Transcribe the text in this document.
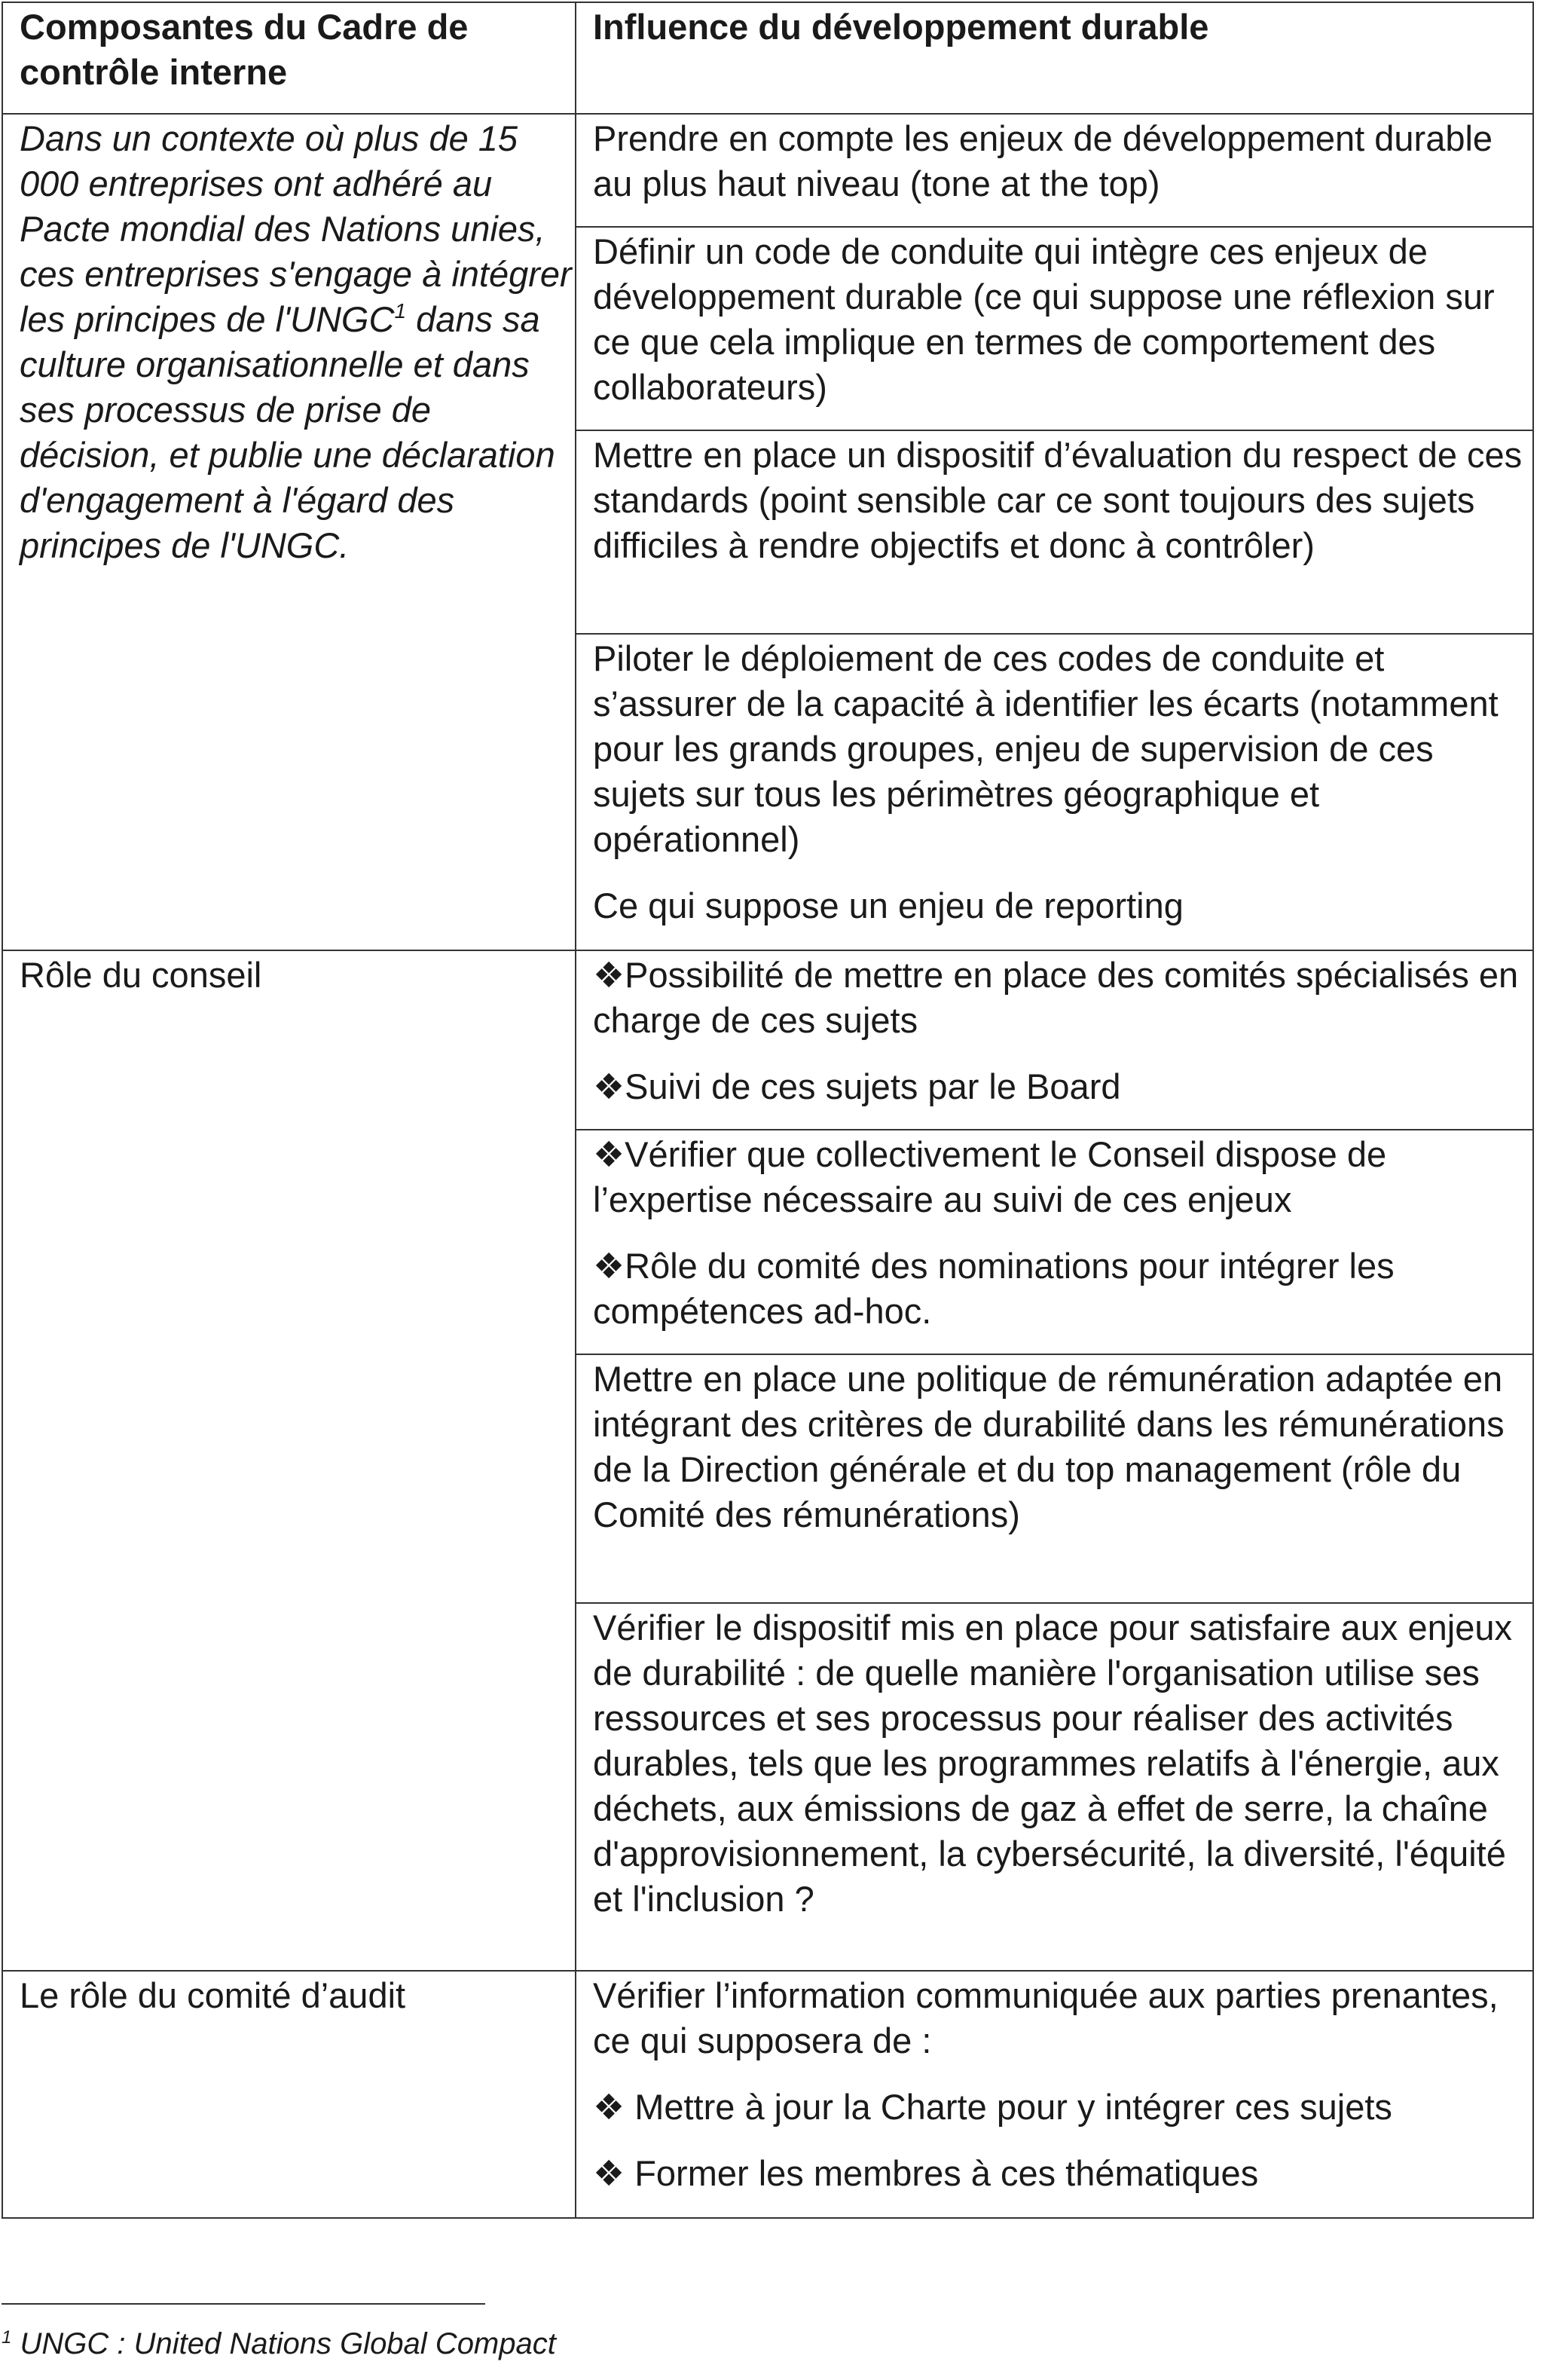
Composantes du Cadre de contrôle interne	Influence du développement durable
Dans un contexte où plus de 15 000 entreprises ont adhéré au Pacte mondial des Nations unies, ces entreprises s'engage à intégrer les principes de l'UNGC$^1$ dans sa culture organisationnelle et dans ses processus de prise de décision, et publie une déclaration d'engagement à l'égard des principes de l'UNGC.	Prendre en compte les enjeux de développement durable au plus haut niveau (tone at the top)

	Définir un code de conduite qui intègre ces enjeux de développement durable (ce qui suppose une réflexion sur ce que cela implique en termes de comportement des collaborateurs)

	Mettre en place un dispositif d’évaluation du respect de ces standards (point sensible car ce sont toujours des sujets difficiles à rendre objectifs et donc à contrôler)

	Piloter le déploiement de ces codes de conduite et s’assurer de la capacité à identifier les écarts (notamment pour les grands groupes, enjeu de supervision de ces sujets sur tous les périmètres géographique et opérationnel)

Ce qui suppose un enjeu de reporting

Rôle du conseil	❖Possibilité de mettre en place des comités spécialisés en charge de ces sujets

❖Suivi de ces sujets par le Board

	❖Vérifier que collectivement le Conseil dispose de l’expertise nécessaire au suivi de ces enjeux

❖Rôle du comité des nominations pour intégrer les compétences ad-hoc.

	Mettre en place une politique de rémunération adaptée en intégrant des critères de durabilité dans les rémunérations de la Direction générale et du top management (rôle du Comité des rémunérations)

	Vérifier le dispositif mis en place pour satisfaire aux enjeux de durabilité : de quelle manière l'organisation utilise ses ressources et ses processus pour réaliser des activités durables, tels que les programmes relatifs à l'énergie, aux déchets, aux émissions de gaz à effet de serre, la chaîne d'approvisionnement, la cybersécurité, la diversité, l'équité et l'inclusion ?

Le rôle du comité d’audit	Vérifier l’information communiquée aux parties prenantes, ce qui supposera de :

❖ Mettre à jour la Charte pour y intégrer ces sujets

❖ Former les membres à ces thématiques

$^1$ UNGC : United Nations Global Compact
